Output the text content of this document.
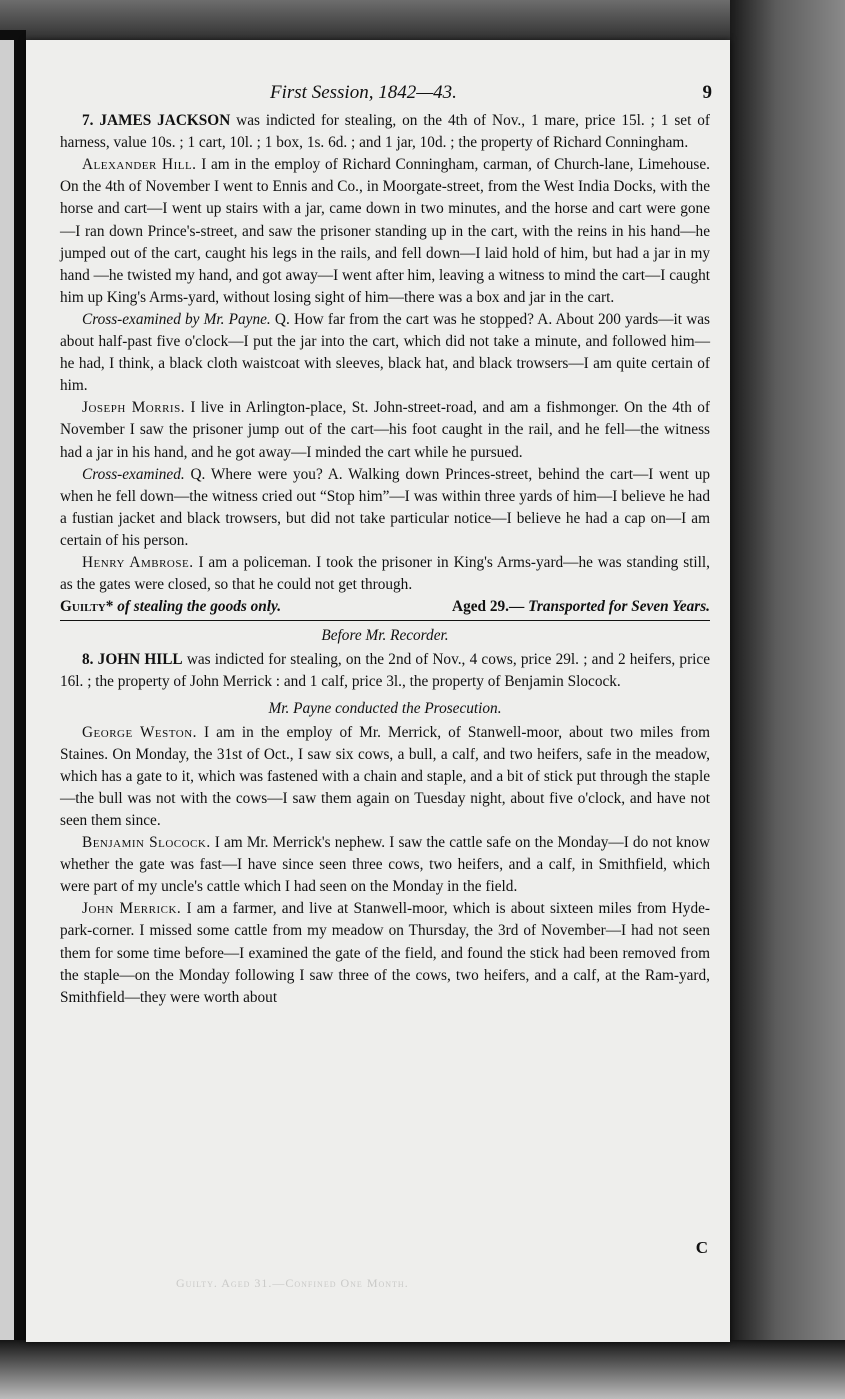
First Session, 1842—43.	9

7. JAMES JACKSON was indicted for stealing, on the 4th of Nov., 1 mare, price 15l. ; 1 set of harness, value 10s. ; 1 cart, 10l. ; 1 box, 1s. 6d. ; and 1 jar, 10d. ; the property of Richard Conningham.

Alexander Hill. I am in the employ of Richard Conningham, carman, of Church-lane, Limehouse. On the 4th of November I went to Ennis and Co., in Moorgate-street, from the West India Docks, with the horse and cart—I went up stairs with a jar, came down in two minutes, and the horse and cart were gone—I ran down Prince's-street, and saw the prisoner standing up in the cart, with the reins in his hand—he jumped out of the cart, caught his legs in the rails, and fell down—I laid hold of him, but had a jar in my hand —he twisted my hand, and got away—I went after him, leaving a witness to mind the cart—I caught him up King's Arms-yard, without losing sight of him—there was a box and jar in the cart.

Cross-examined by Mr. Payne. Q. How far from the cart was he stopped? A. About 200 yards—it was about half-past five o'clock—I put the jar into the cart, which did not take a minute, and followed him—he had, I think, a black cloth waistcoat with sleeves, black hat, and black trowsers—I am quite certain of him.

Joseph Morris. I live in Arlington-place, St. John-street-road, and am a fishmonger. On the 4th of November I saw the prisoner jump out of the cart—his foot caught in the rail, and he fell—the witness had a jar in his hand, and he got away—I minded the cart while he pursued.

Cross-examined. Q. Where were you? A. Walking down Princes-street, behind the cart—I went up when he fell down—the witness cried out “Stop him”—I was within three yards of him—I believe he had a fustian jacket and black trowsers, but did not take particular notice—I believe he had a cap on—I am certain of his person.

Henry Ambrose. I am a policeman. I took the prisoner in King's Arms-yard—he was standing still, as the gates were closed, so that he could not get through.

Guilty* of stealing the goods only.	Aged 29.— Transported for Seven Years.

Before Mr. Recorder.

8. JOHN HILL was indicted for stealing, on the 2nd of Nov., 4 cows, price 29l. ; and 2 heifers, price 16l. ; the property of John Merrick : and 1 calf, price 3l., the property of Benjamin Slocock.

Mr. Payne conducted the Prosecution.

George Weston. I am in the employ of Mr. Merrick, of Stanwell-moor, about two miles from Staines. On Monday, the 31st of Oct., I saw six cows, a bull, a calf, and two heifers, safe in the meadow, which has a gate to it, which was fastened with a chain and staple, and a bit of stick put through the staple—the bull was not with the cows—I saw them again on Tuesday night, about five o'clock, and have not seen them since.

Benjamin Slocock. I am Mr. Merrick's nephew. I saw the cattle safe on the Monday—I do not know whether the gate was fast—I have since seen three cows, two heifers, and a calf, in Smithfield, which were part of my uncle's cattle which I had seen on the Monday in the field.

John Merrick. I am a farmer, and live at Stanwell-moor, which is about sixteen miles from Hyde-park-corner. I missed some cattle from my meadow on Thursday, the 3rd of November—I had not seen them for some time before—I examined the gate of the field, and found the stick had been removed from the staple—on the Monday following I saw three of the cows, two heifers, and a calf, at the Ram-yard, Smithfield—they were worth about

C
Guilty. Aged 31.—Confined One Month.
